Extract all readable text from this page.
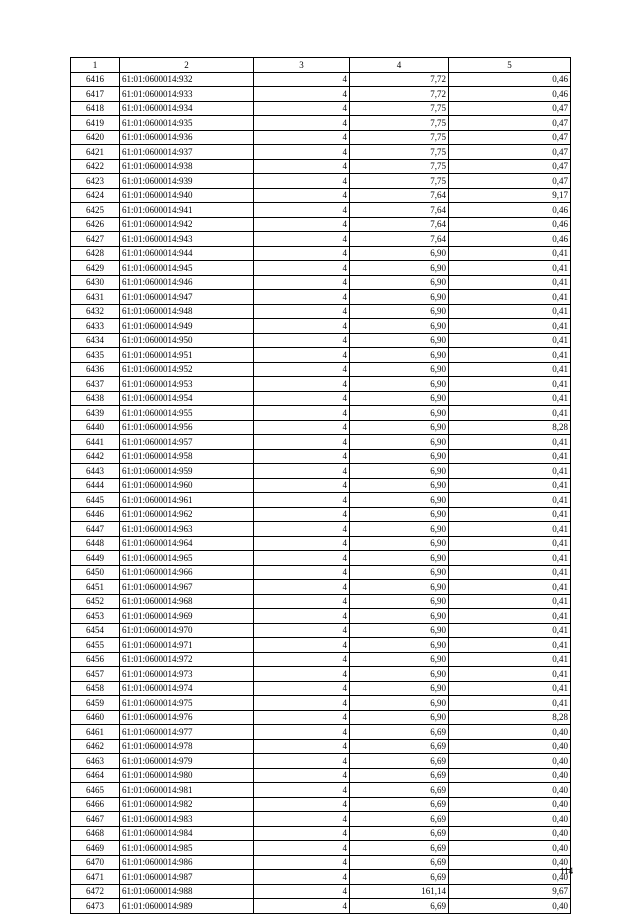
1	2	3	4	5
6416	61:01:0600014:932	4	7,72	0,46
6417	61:01:0600014:933	4	7,72	0,46
6418	61:01:0600014:934	4	7,75	0,47
6419	61:01:0600014:935	4	7,75	0,47
6420	61:01:0600014:936	4	7,75	0,47
6421	61:01:0600014:937	4	7,75	0,47
6422	61:01:0600014:938	4	7,75	0,47
6423	61:01:0600014:939	4	7,75	0,47
6424	61:01:0600014:940	4	7,64	9,17
6425	61:01:0600014:941	4	7,64	0,46
6426	61:01:0600014:942	4	7,64	0,46
6427	61:01:0600014:943	4	7,64	0,46
6428	61:01:0600014:944	4	6,90	0,41
6429	61:01:0600014:945	4	6,90	0,41
6430	61:01:0600014:946	4	6,90	0,41
6431	61:01:0600014:947	4	6,90	0,41
6432	61:01:0600014:948	4	6,90	0,41
6433	61:01:0600014:949	4	6,90	0,41
6434	61:01:0600014:950	4	6,90	0,41
6435	61:01:0600014:951	4	6,90	0,41
6436	61:01:0600014:952	4	6,90	0,41
6437	61:01:0600014:953	4	6,90	0,41
6438	61:01:0600014:954	4	6,90	0,41
6439	61:01:0600014:955	4	6,90	0,41
6440	61:01:0600014:956	4	6,90	8,28
6441	61:01:0600014:957	4	6,90	0,41
6442	61:01:0600014:958	4	6,90	0,41
6443	61:01:0600014:959	4	6,90	0,41
6444	61:01:0600014:960	4	6,90	0,41
6445	61:01:0600014:961	4	6,90	0,41
6446	61:01:0600014:962	4	6,90	0,41
6447	61:01:0600014:963	4	6,90	0,41
6448	61:01:0600014:964	4	6,90	0,41
6449	61:01:0600014:965	4	6,90	0,41
6450	61:01:0600014:966	4	6,90	0,41
6451	61:01:0600014:967	4	6,90	0,41
6452	61:01:0600014:968	4	6,90	0,41
6453	61:01:0600014:969	4	6,90	0,41
6454	61:01:0600014:970	4	6,90	0,41
6455	61:01:0600014:971	4	6,90	0,41
6456	61:01:0600014:972	4	6,90	0,41
6457	61:01:0600014:973	4	6,90	0,41
6458	61:01:0600014:974	4	6,90	0,41
6459	61:01:0600014:975	4	6,90	0,41
6460	61:01:0600014:976	4	6,90	8,28
6461	61:01:0600014:977	4	6,69	0,40
6462	61:01:0600014:978	4	6,69	0,40
6463	61:01:0600014:979	4	6,69	0,40
6464	61:01:0600014:980	4	6,69	0,40
6465	61:01:0600014:981	4	6,69	0,40
6466	61:01:0600014:982	4	6,69	0,40
6467	61:01:0600014:983	4	6,69	0,40
6468	61:01:0600014:984	4	6,69	0,40
6469	61:01:0600014:985	4	6,69	0,40
6470	61:01:0600014:986	4	6,69	0,40
6471	61:01:0600014:987	4	6,69	0,40
6472	61:01:0600014:988	4	161,14	9,67
6473	61:01:0600014:989	4	6,69	0,40
114
